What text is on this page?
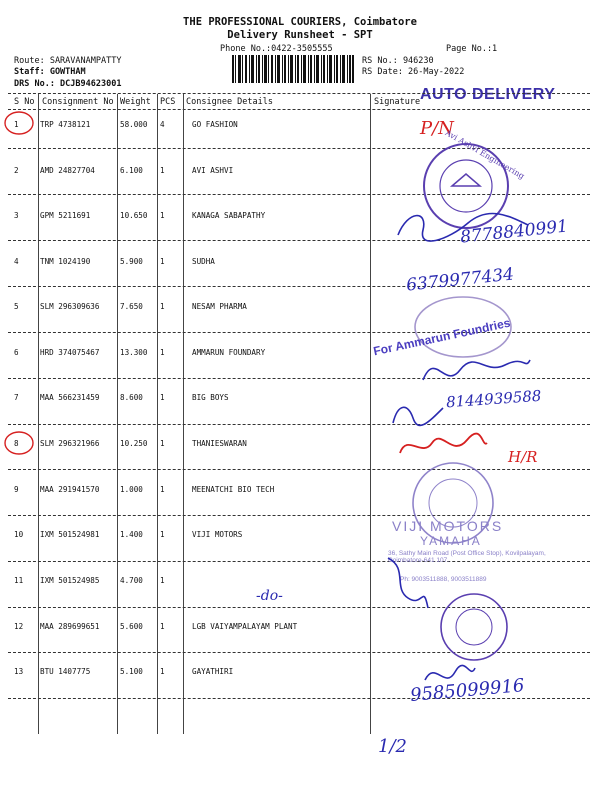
THE PROFESSIONAL COURIERS, Coimbatore
Delivery Runsheet - SPT
Phone No.:0422-3505555	Page No.:1
Route: SARAVANAMPATTY
Staff: GOWTHAM
DRS No.: DCJB94623001
RS No.: 946230
RS Date: 26-May-2022
AUTO DELIVERY
S No Consignment No Weight PCS Consignee Details	Signature
1	TRP 4738121	58.000 4	GO FASHION
2	AMD 24827704	6.100 1	AVI ASHVI
3	GPM 5211691	10.650 1	KANAGA SABAPATHY
4	TNM 1024190	5.900 1	SUDHA
5	SLM 296309636	7.650 1	NESAM PHARMA
6	HRD 374075467	13.300 1	AMMARUN FOUNDARY
7	MAA 566231459	8.600 1	BIG BOYS
8	SLM 296321966	10.250 1	THANIESWARAN
9	MAA 291941570	1.000 1	MEENATCHI BIO TECH
10 IXM 501524981	1.400 1	VIJI MOTORS
11 IXM 501524985	4.700 1
12 MAA 289699651	5.600 1	LGB VAIYAMPALAYAM PLANT
13 BTU 1407775	5.100 1	GAYATHIRI
P/N
Avi Ashvi Engineering
8778840991
6379977434
For Ammarun Foundries
8144939588
H/R
VIJI MOTORS
YAMAHA
36, Sathy Main Road (Post Office Stop), Kovilpalayam, Coimbatore-641 107.
Ph: 9003511888, 9003511889
-do-
9585099916
1/2
